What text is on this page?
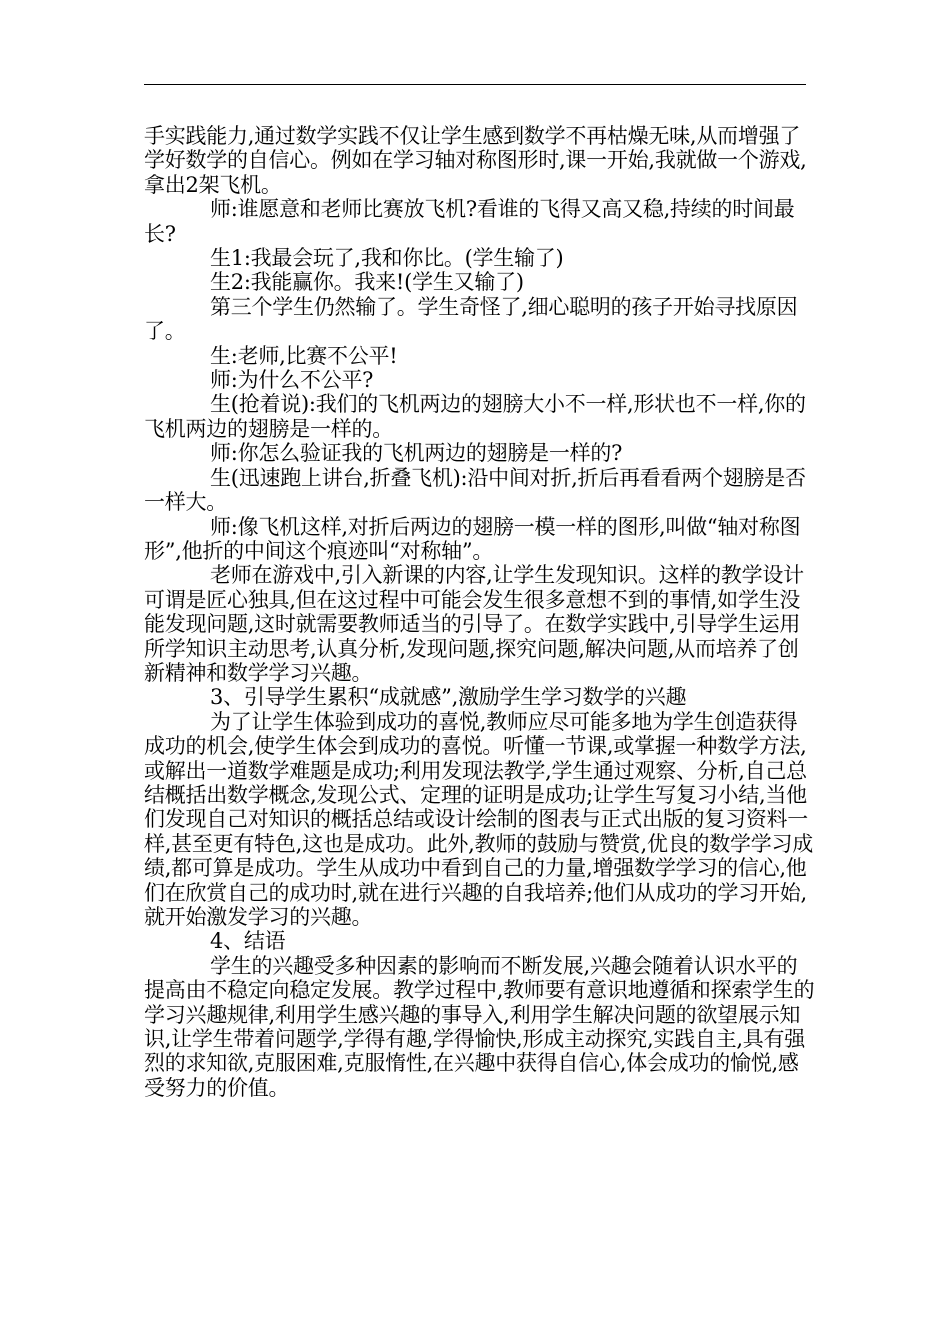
手实践能力,通过数学实践不仅让学生感到数学不再枯燥无味,从而增强了学好数学的自信心。例如在学习轴对称图形时,课一开始,我就做一个游戏,拿出2架飞机。

师:谁愿意和老师比赛放飞机?看谁的飞得又高又稳,持续的时间最长?

生1:我最会玩了,我和你比。(学生输了)

生2:我能赢你。我来!(学生又输了)

第三个学生仍然输了。学生奇怪了,细心聪明的孩子开始寻找原因了。

生:老师,比赛不公平!

师:为什么不公平?

生(抢着说):我们的飞机两边的翅膀大小不一样,形状也不一样,你的飞机两边的翅膀是一样的。

师:你怎么验证我的飞机两边的翅膀是一样的?

生(迅速跑上讲台,折叠飞机):沿中间对折,折后再看看两个翅膀是否一样大。

师:像飞机这样,对折后两边的翅膀一模一样的图形,叫做“轴对称图形”,他折的中间这个痕迹叫“对称轴”。

老师在游戏中,引入新课的内容,让学生发现知识。这样的教学设计可谓是匠心独具,但在这过程中可能会发生很多意想不到的事情,如学生没能发现问题,这时就需要教师适当的引导了。在数学实践中,引导学生运用所学知识主动思考,认真分析,发现问题,探究问题,解决问题,从而培养了创新精神和数学学习兴趣。

3、引导学生累积“成就感”,激励学生学习数学的兴趣

为了让学生体验到成功的喜悦,教师应尽可能多地为学生创造获得成功的机会,使学生体会到成功的喜悦。听懂一节课,或掌握一种数学方法,或解出一道数学难题是成功;利用发现法教学,学生通过观察、分析,自己总结概括出数学概念,发现公式、定理的证明是成功;让学生写复习小结,当他们发现自己对知识的概括总结或设计绘制的图表与正式出版的复习资料一样,甚至更有特色,这也是成功。此外,教师的鼓励与赞赏,优良的数学学习成绩,都可算是成功。学生从成功中看到自己的力量,增强数学学习的信心,他们在欣赏自己的成功时,就在进行兴趣的自我培养;他们从成功的学习开始,就开始激发学习的兴趣。

4、结语

学生的兴趣受多种因素的影响而不断发展,兴趣会随着认识水平的提高由不稳定向稳定发展。教学过程中,教师要有意识地遵循和探索学生的学习兴趣规律,利用学生感兴趣的事导入,利用学生解决问题的欲望展示知识,让学生带着问题学,学得有趣,学得愉快,形成主动探究,实践自主,具有强烈的求知欲,克服困难,克服惰性,在兴趣中获得自信心,体会成功的愉悦,感受努力的价值。
